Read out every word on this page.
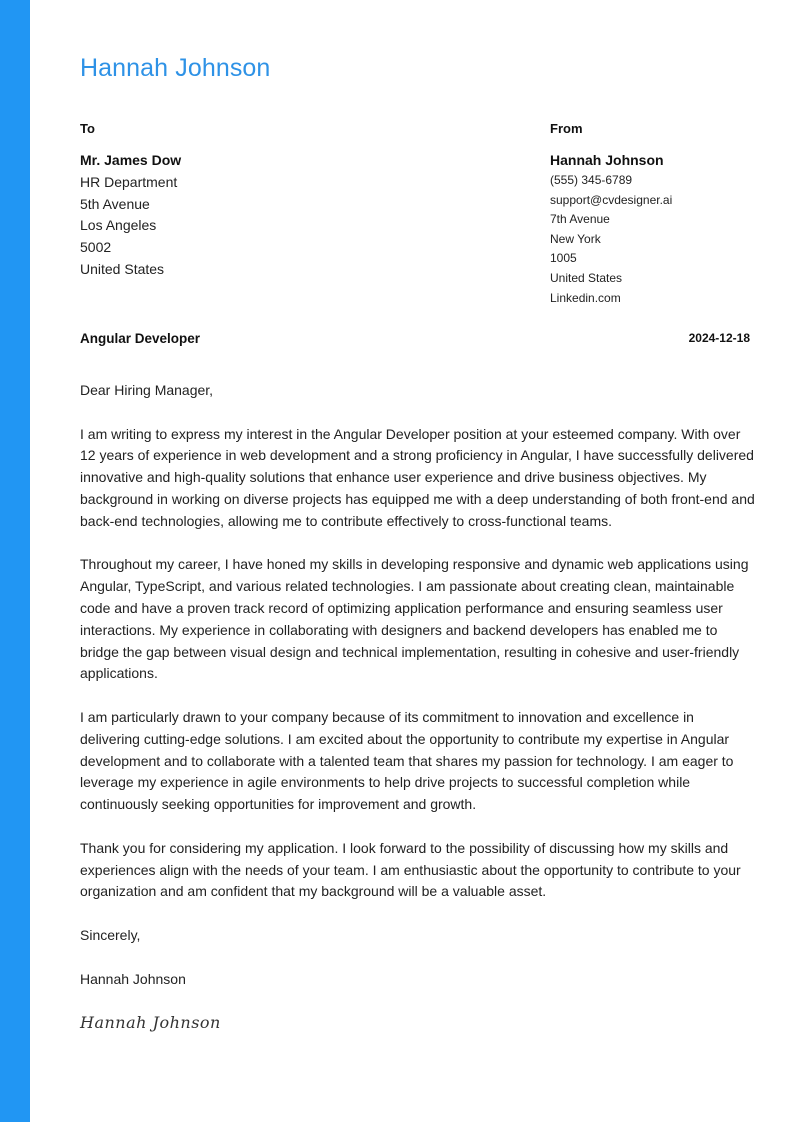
Hannah Johnson
To	From
Mr. James Dow
HR Department
5th Avenue
Los Angeles
5002
United States
Hannah Johnson
(555) 345-6789
support@cvdesigner.ai
7th Avenue
New York
1005
United States
Linkedin.com
Angular Developer	2024-12-18

Dear Hiring Manager,

I am writing to express my interest in the Angular Developer position at your esteemed company. With over 12 years of experience in web development and a strong proficiency in Angular, I have successfully delivered innovative and high-quality solutions that enhance user experience and drive business objectives. My background in working on diverse projects has equipped me with a deep understanding of both front-end and back-end technologies, allowing me to contribute effectively to cross-functional teams.

Throughout my career, I have honed my skills in developing responsive and dynamic web applications using Angular, TypeScript, and various related technologies. I am passionate about creating clean, maintainable code and have a proven track record of optimizing application performance and ensuring seamless user interactions. My experience in collaborating with designers and backend developers has enabled me to bridge the gap between visual design and technical implementation, resulting in cohesive and user-friendly applications.

I am particularly drawn to your company because of its commitment to innovation and excellence in delivering cutting-edge solutions. I am excited about the opportunity to contribute my expertise in Angular development and to collaborate with a talented team that shares my passion for technology. I am eager to leverage my experience in agile environments to help drive projects to successful completion while continuously seeking opportunities for improvement and growth.

Thank you for considering my application. I look forward to the possibility of discussing how my skills and experiences align with the needs of your team. I am enthusiastic about the opportunity to contribute to your organization and am confident that my background will be a valuable asset.

Sincerely,

Hannah Johnson

Hannah Johnson
